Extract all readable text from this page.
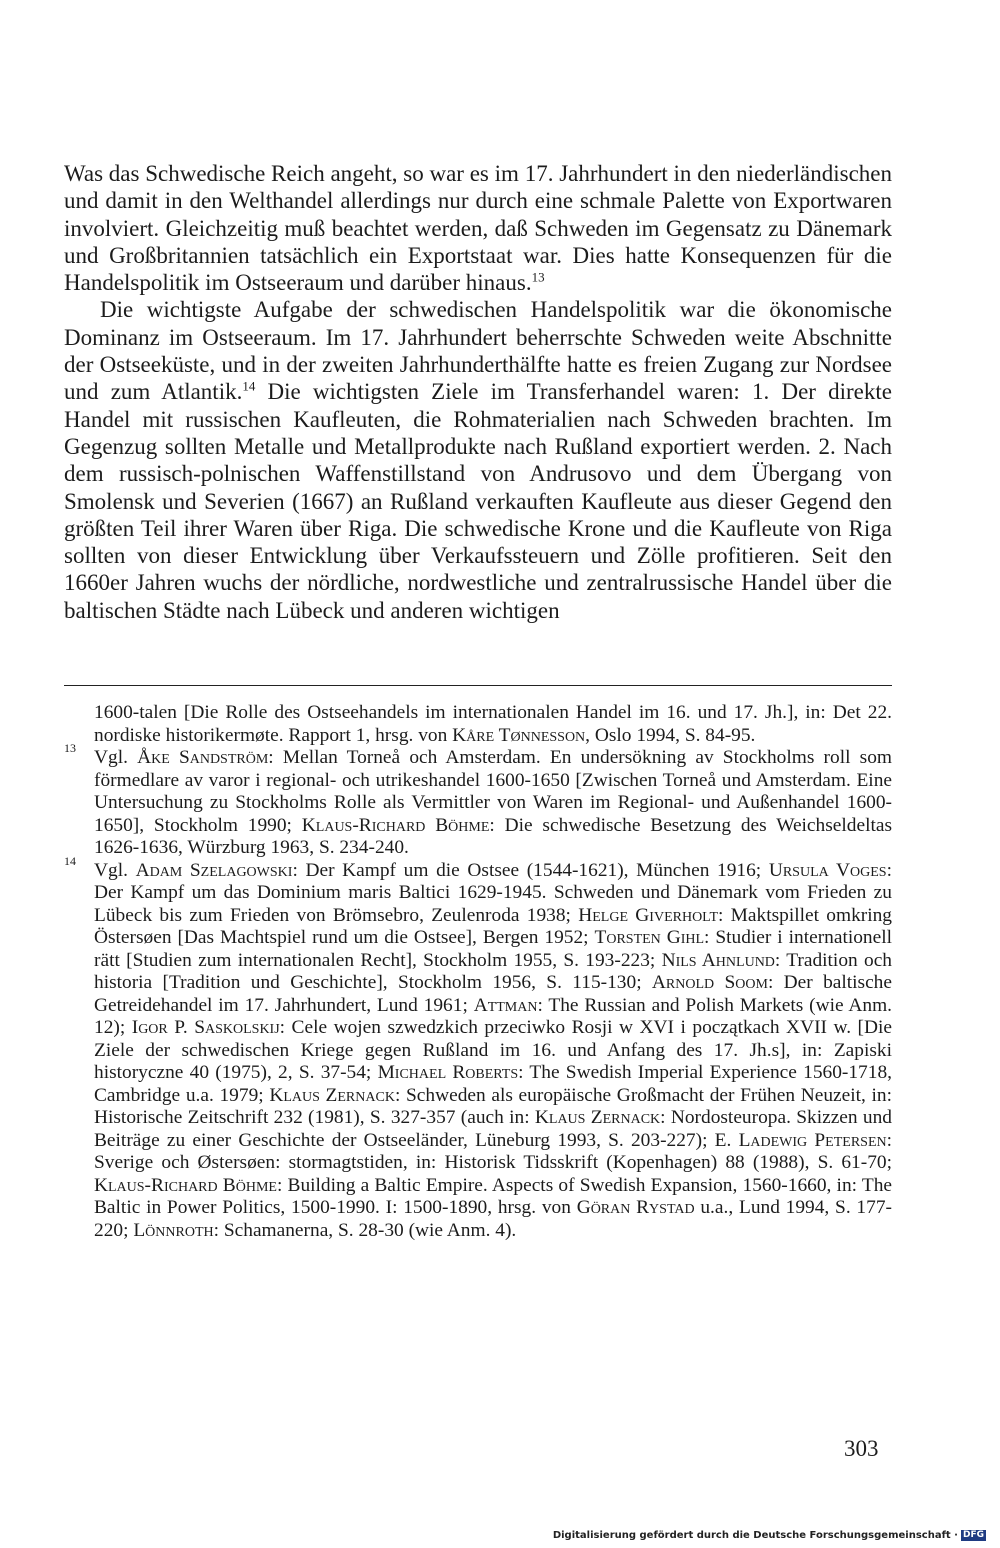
Was das Schwedische Reich angeht, so war es im 17. Jahrhundert in den niederländischen und damit in den Welthandel allerdings nur durch eine schmale Palette von Exportwaren involviert. Gleichzeitig muß beachtet werden, daß Schweden im Gegensatz zu Dänemark und Großbritannien tatsächlich ein Exportstaat war. Dies hatte Konsequenzen für die Handelspolitik im Ostseeraum und darüber hinaus.$^{13}$

Die wichtigste Aufgabe der schwedischen Handelspolitik war die ökonomische Dominanz im Ostseeraum. Im 17. Jahrhundert beherrschte Schweden weite Abschnitte der Ostseeküste, und in der zweiten Jahrhunderthälfte hatte es freien Zugang zur Nordsee und zum Atlantik.$^{14}$ Die wichtigsten Ziele im Transferhandel waren: 1. Der direkte Handel mit russischen Kaufleuten, die Rohmaterialien nach Schweden brachten. Im Gegenzug sollten Metalle und Metallprodukte nach Rußland exportiert werden. 2. Nach dem russisch-polnischen Waffenstillstand von Andrusovo und dem Übergang von Smolensk und Severien (1667) an Rußland verkauften Kaufleute aus dieser Gegend den größten Teil ihrer Waren über Riga. Die schwedische Krone und die Kaufleute von Riga sollten von dieser Entwicklung über Verkaufssteuern und Zölle profitieren. Seit den 1660er Jahren wuchs der nördliche, nordwestliche und zentralrussische Handel über die baltischen Städte nach Lübeck und anderen wichtigen

1600-talen [Die Rolle des Ostseehandels im internationalen Handel im 16. und 17. Jh.], in: Det 22. nordiske historikermøte. Rapport 1, hrsg. von Kåre Tønnesson, Oslo 1994, S. 84-95.

13 Vgl. Åke Sandström: Mellan Torneå och Amsterdam. En undersökning av Stockholms roll som förmedlare av varor i regional- och utrikeshandel 1600-1650 [Zwischen Torneå und Amsterdam. Eine Untersuchung zu Stockholms Rolle als Vermittler von Waren im Regional- und Außenhandel 1600-1650], Stockholm 1990; Klaus-Richard Böhme: Die schwedische Besetzung des Weichseldeltas 1626-1636, Würzburg 1963, S. 234-240.

14 Vgl. Adam Szelagowski: Der Kampf um die Ostsee (1544-1621), München 1916; Ursula Voges: Der Kampf um das Dominium maris Baltici 1629-1945. Schweden und Dänemark vom Frieden zu Lübeck bis zum Frieden von Brömsebro, Zeulenroda 1938; Helge Giverholt: Maktspillet omkring Östersøen [Das Machtspiel rund um die Ostsee], Bergen 1952; Torsten Gihl: Studier i internationell rätt [Studien zum internationalen Recht], Stockholm 1955, S. 193-223; Nils Ahnlund: Tradition och historia [Tradition und Geschichte], Stockholm 1956, S. 115-130; Arnold Soom: Der baltische Getreidehandel im 17. Jahrhundert, Lund 1961; Attman: The Russian and Polish Markets (wie Anm. 12); Igor P. Saskolskij: Cele wojen szwedzkich przeciwko Rosji w XVI i początkach XVII w. [Die Ziele der schwedischen Kriege gegen Rußland im 16. und Anfang des 17. Jh.s], in: Zapiski historyczne 40 (1975), 2, S. 37-54; Michael Roberts: The Swedish Imperial Experience 1560-1718, Cambridge u.a. 1979; Klaus Zernack: Schweden als europäische Großmacht der Frühen Neuzeit, in: Historische Zeitschrift 232 (1981), S. 327-357 (auch in: Klaus Zernack: Nordosteuropa. Skizzen und Beiträge zu einer Geschichte der Ostseeländer, Lüneburg 1993, S. 203-227); E. Ladewig Petersen: Sverige och Østersøen: stormagtstiden, in: Historisk Tidsskrift (Kopenhagen) 88 (1988), S. 61-70; Klaus-Richard Böhme: Building a Baltic Empire. Aspects of Swedish Expansion, 1560-1660, in: The Baltic in Power Politics, 1500-1990. I: 1500-1890, hrsg. von Göran Rystad u.a., Lund 1994, S. 177-220; Lönnroth: Schamanerna, S. 28-30 (wie Anm. 4).

303
Digitalisierung gefördert durch die Deutsche Forschungsgemeinschaft · DFG
